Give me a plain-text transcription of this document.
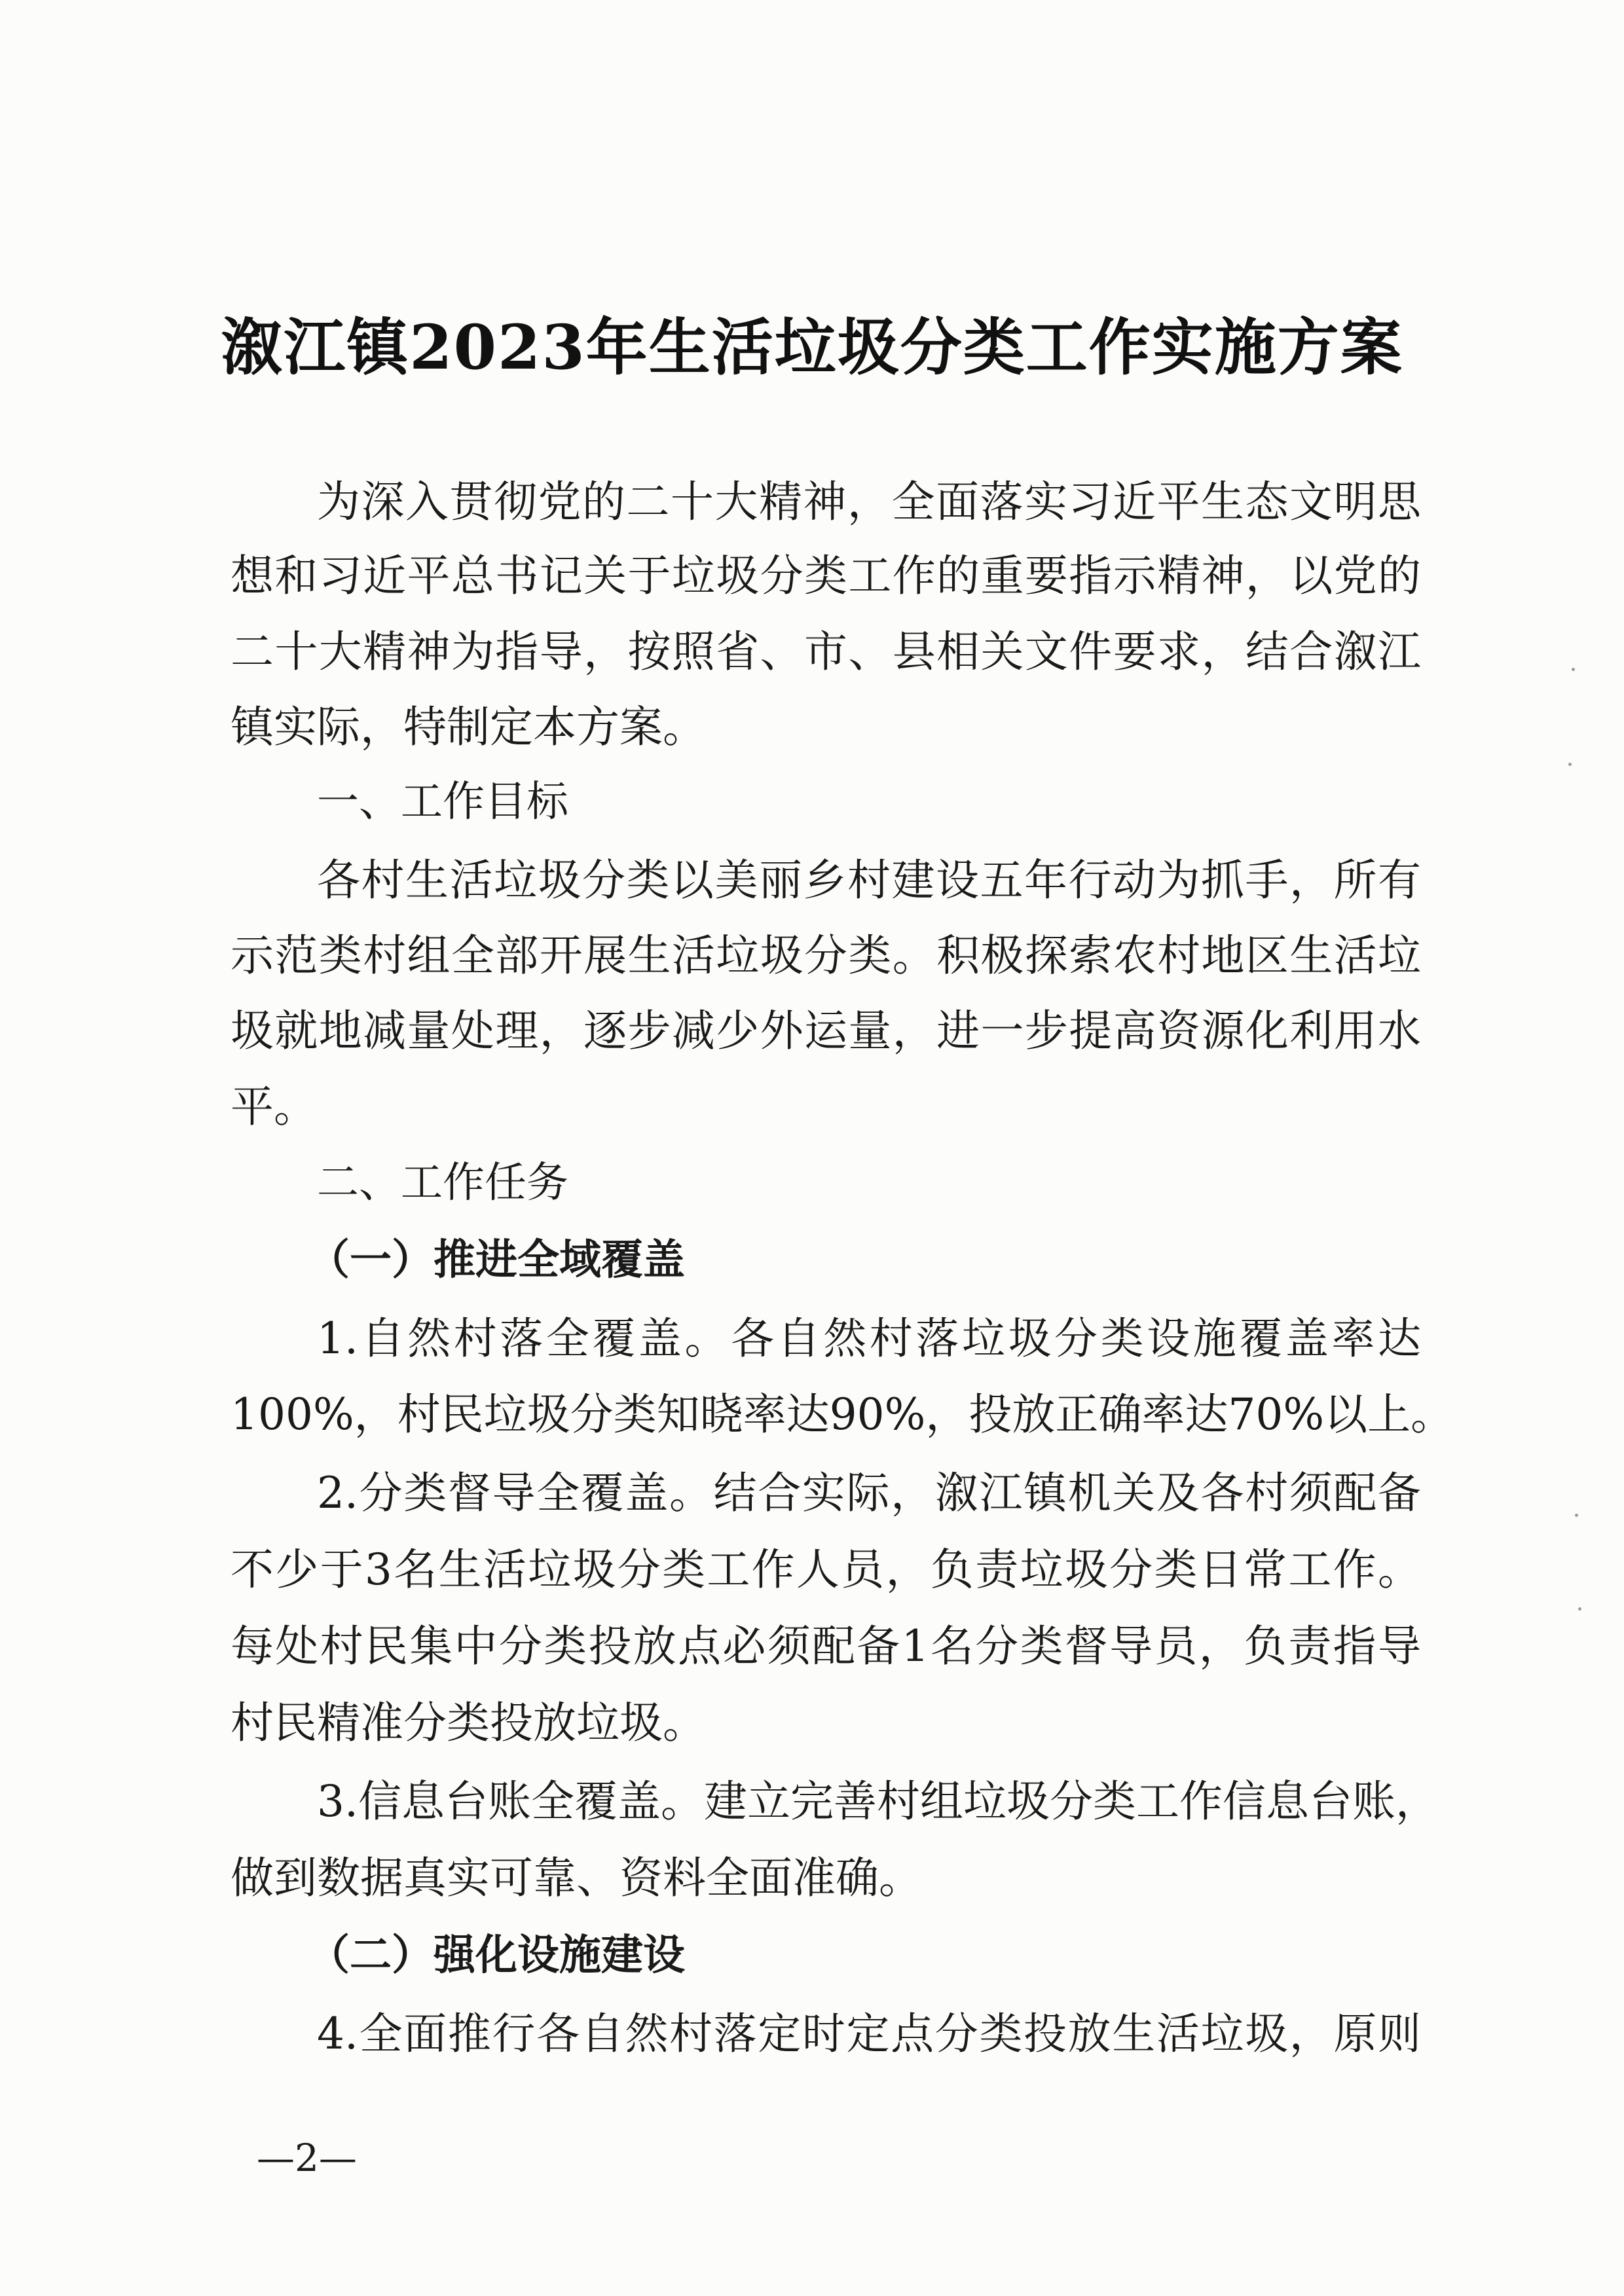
溆江镇2023年生活垃圾分类工作实施方案
为深入贯彻党的二十大精神，全面落实习近平生态文明思
想和习近平总书记关于垃圾分类工作的重要指示精神，以党的
二十大精神为指导，按照省、市、县相关文件要求，结合溆江
镇实际，特制定本方案。
一、工作目标
各村生活垃圾分类以美丽乡村建设五年行动为抓手，所有
示范类村组全部开展生活垃圾分类。积极探索农村地区生活垃
圾就地减量处理，逐步减少外运量，进一步提高资源化利用水
平。
二、工作任务
（一）推进全域覆盖
1.自然村落全覆盖。各自然村落垃圾分类设施覆盖率达
100%，村民垃圾分类知晓率达90%，投放正确率达70%以上。
2.分类督导全覆盖。结合实际，溆江镇机关及各村须配备
不少于3名生活垃圾分类工作人员，负责垃圾分类日常工作。
每处村民集中分类投放点必须配备1名分类督导员，负责指导
村民精准分类投放垃圾。
3.信息台账全覆盖。建立完善村组垃圾分类工作信息台账，
做到数据真实可靠、资料全面准确。
（二）强化设施建设
4.全面推行各自然村落定时定点分类投放生活垃圾，原则
—2—
